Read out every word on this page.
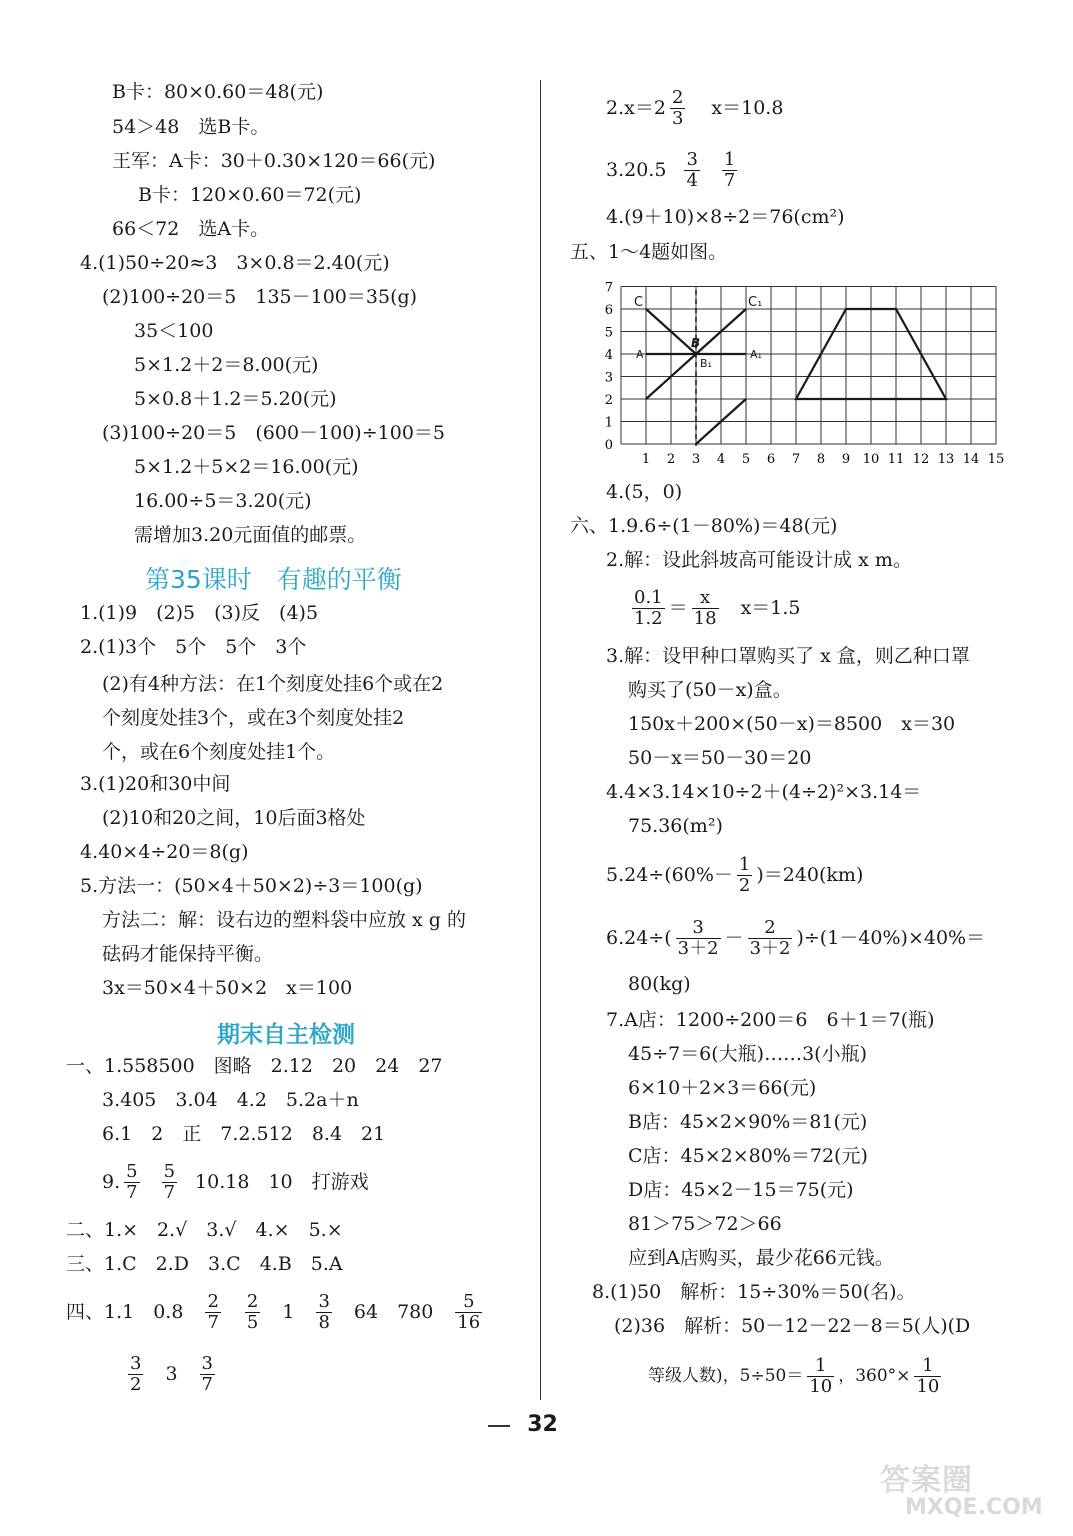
B卡：80×0.60＝48(元)
54＞48　选B卡。
王军：A卡：30＋0.30×120＝66(元)
B卡：120×0.60＝72(元)
66＜72　选A卡。
4.(1)50÷20≈3　3×0.8＝2.40(元)
(2)100÷20＝5　135－100＝35(g)
35＜100
5×1.2＋2＝8.00(元)
5×0.8＋1.2＝5.20(元)
(3)100÷20＝5　(600－100)÷100＝5
5×1.2＋5×2＝16.00(元)
16.00÷5＝3.20(元)
需增加3.20元面值的邮票。
第35课时　有趣的平衡
1.(1)9　(2)5　(3)反　(4)5
2.(1)3个　5个　5个　3个
(2)有4种方法：在1个刻度处挂6个或在2
个刻度处挂3个，或在3个刻度处挂2
个，或在6个刻度处挂1个。
3.(1)20和30中间
(2)10和20之间，10后面3格处
4.40×4÷20＝8(g)
5.方法一：(50×4＋50×2)÷3＝100(g)
方法二：解：设右边的塑料袋中应放 x g 的
砝码才能保持平衡。
3x＝50×4＋50×2　x＝100
期末自主检测
一、1.558500　图略　2.12　20　24　27
3.405　3.04　4.2　5.2a＋n
6.1　2　正　7.2.512　8.4　21
9. $\frac{5}{7} \frac{5}{7} 10.18$　10　打游戏
二、1.×　2.√　3.√　4.×　5.×
三、1.C　2.D　3.C　4.B　5.A
四、1.1　$0.8 \frac{2}{7} \frac{2}{5} 1 \frac{3}{8} 64$　$780 \frac{5}{16}$
$\frac{3}{2} 3 \frac{3}{7}$
$2.x=2 \frac{2}{3} x=10.8$
$3.20.5 \frac{3}{4} \frac{1}{7}$
4.(9＋10)×8÷2＝76(cm²)
五、1～4题如图。
1 2 3 4 5 6 7 8 9 10 11 12 13 14 15
0
1
2
3
4
5
6
7
C	C₁
A
B
B₁
A₁
4.(5，0)
六、1.9.6÷(1－80%)＝48(元)
2.解：设此斜坡高可能设计成 x m。
$\frac{0.1}{1.2} = \frac{x}{18} x=1.5$
3.解：设甲种口罩购买了 x 盒，则乙种口罩
购买了(50－x)盒。
150x＋200×(50－x)＝8500　x＝30
50－x＝50－30＝20
4.4×3.14×10÷2＋(4÷2)²×3.14＝
75.36(m²)
$5.24\div(60\%- \frac{1}{2} )=240(km)$
$6.24\div( \frac{3}{3+2} - \frac{2}{3+2} )\div(1-40\%)\times 40\%=$
80(kg)
7.A店：1200÷200＝6　6＋1＝7(瓶)
45÷7＝6(大瓶)……3(小瓶)
6×10＋2×3＝66(元)
B店：45×2×90%＝81(元)
C店：45×2×80%＝72(元)
D店：45×2－15＝75(元)
81＞75＞72＞66
应到A店购买，最少花66元钱。
8.(1)50　解析：15÷30%＝50(名)。
(2)36　解析：50－12－22－8＝5(人)(D
等级人数)，$5\div 50= \frac{1}{10}$ ，$360^\circ\times \frac{1}{10}$
32
答案圈
MXQE.COM
